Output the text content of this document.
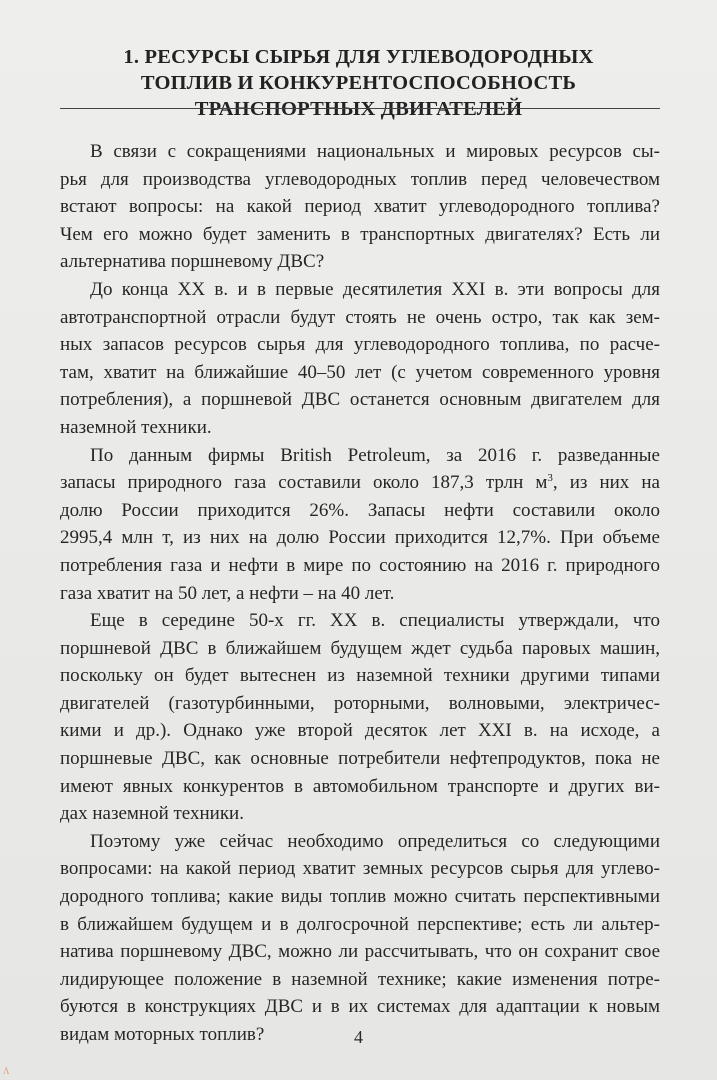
1. РЕСУРСЫ СЫРЬЯ ДЛЯ УГЛЕВОДОРОДНЫХ
ТОПЛИВ И КОНКУРЕНТОСПОСОБНОСТЬ
ТРАНСПОРТНЫХ ДВИГАТЕЛЕЙ
В связи с сокращениями национальных и мировых ресурсов сы-
рья для производства углеводородных топлив перед человечеством
встают вопросы: на какой период хватит углеводородного топлива?
Чем его можно будет заменить в транспортных двигателях? Есть ли
альтернатива поршневому ДВС?
До конца XX в. и в первые десятилетия XXI в. эти вопросы для
автотранспортной отрасли будут стоять не очень остро, так как зем-
ных запасов ресурсов сырья для углеводородного топлива, по расче-
там, хватит на ближайшие 40–50 лет (с учетом современного уровня
потребления), а поршневой ДВС останется основным двигателем для
наземной техники.
По данным фирмы British Petroleum, за 2016 г. разведанные
запасы природного газа составили около 187,3 трлн $м^3$, из них на
долю России приходится 26%. Запасы нефти составили около
2995,4 млн т, из них на долю России приходится 12,7%. При объеме
потребления газа и нефти в мире по состоянию на 2016 г. природного
газа хватит на 50 лет, а нефти – на 40 лет.
Еще в середине 50-х гг. XX в. специалисты утверждали, что
поршневой ДВС в ближайшем будущем ждет судьба паровых машин,
поскольку он будет вытеснен из наземной техники другими типами
двигателей (газотурбинными, роторными, волновыми, электричес-
кими и др.). Однако уже второй десяток лет XXI в. на исходе, а
поршневые ДВС, как основные потребители нефтепродуктов, пока не
имеют явных конкурентов в автомобильном транспорте и других ви-
дах наземной техники.
Поэтому уже сейчас необходимо определиться со следующими
вопросами: на какой период хватит земных ресурсов сырья для углево-
дородного топлива; какие виды топлив можно считать перспективными
в ближайшем будущем и в долгосрочной перспективе; есть ли альтер-
натива поршневому ДВС, можно ли рассчитывать, что он сохранит свое
лидирующее положение в наземной технике; какие изменения потре-
буются в конструкциях ДВС и в их системах для адаптации к новым
видам моторных топлив?	4
Λ
